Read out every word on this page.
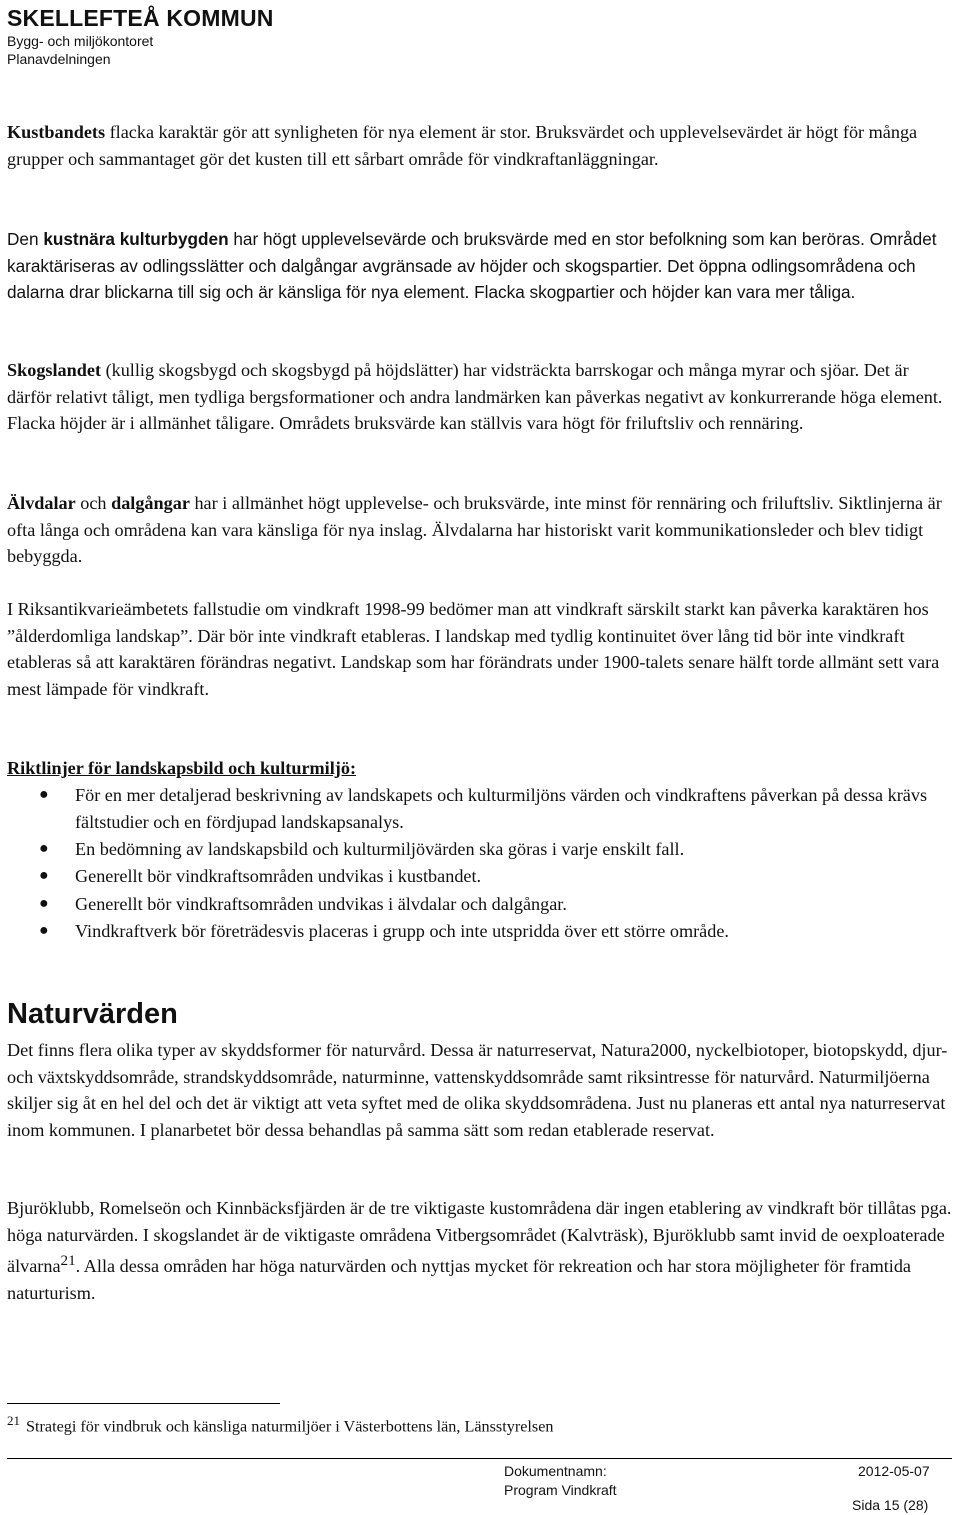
SKELLEFTEÅ KOMMUN
Bygg- och miljökontoret
Planavdelningen

Kustbandets flacka karaktär gör att synligheten för nya element är stor. Bruksvärdet och upplevelsevärdet är högt för många grupper och sammantaget gör det kusten till ett sårbart område för vindkraftanläggningar.

Den kustnära kulturbygden har högt upplevelsevärde och bruksvärde med en stor befolkning som kan beröras. Området karaktäriseras av odlingsslätter och dalgångar avgränsade av höjder och skogspartier. Det öppna odlingsområdena och dalarna drar blickarna till sig och är känsliga för nya element. Flacka skogpartier och höjder kan vara mer tåliga.

Skogslandet (kullig skogsbygd och skogsbygd på höjdslätter) har vidsträckta barrskogar och många myrar och sjöar. Det är därför relativt tåligt, men tydliga bergsformationer och andra landmärken kan påverkas negativt av konkurrerande höga element. Flacka höjder är i allmänhet tåligare. Områdets bruksvärde kan ställvis vara högt för friluftsliv och rennäring.

Älvdalar och dalgångar har i allmänhet högt upplevelse- och bruksvärde, inte minst för rennäring och friluftsliv. Siktlinjerna är ofta långa och områdena kan vara känsliga för nya inslag. Älvdalarna har historiskt varit kommunikationsleder och blev tidigt bebyggda.

I Riksantikvarieämbetets fallstudie om vindkraft 1998-99 bedömer man att vindkraft särskilt starkt kan påverka karaktären hos ”ålderdomliga landskap”. Där bör inte vindkraft etableras. I landskap med tydlig kontinuitet över lång tid bör inte vindkraft etableras så att karaktären förändras negativt. Landskap som har förändrats under 1900-talets senare hälft torde allmänt sett vara mest lämpade för vindkraft.

Riktlinjer för landskapsbild och kulturmiljö:

● För en mer detaljerad beskrivning av landskapets och kulturmiljöns värden och vindkraftens påverkan på dessa krävs fältstudier och en fördjupad landskapsanalys.
● En bedömning av landskapsbild och kulturmiljövärden ska göras i varje enskilt fall.
● Generellt bör vindkraftsområden undvikas i kustbandet.
● Generellt bör vindkraftsområden undvikas i älvdalar och dalgångar.
● Vindkraftverk bör företrädesvis placeras i grupp och inte utspridda över ett större område.
Naturvärden

Det finns flera olika typer av skyddsformer för naturvård. Dessa är naturreservat, Natura2000, nyckelbiotoper, biotopskydd, djur- och växtskyddsområde, strandskyddsområde, naturminne, vattenskyddsområde samt riksintresse för naturvård. Naturmiljöerna skiljer sig åt en hel del och det är viktigt att veta syftet med de olika skyddsområdena. Just nu planeras ett antal nya naturreservat inom kommunen. I planarbetet bör dessa behandlas på samma sätt som redan etablerade reservat.

Bjuröklubb, Romelseön och Kinnbäcksfjärden är de tre viktigaste kustområdena där ingen etablering av vindkraft bör tillåtas pga. höga naturvärden. I skogslandet är de viktigaste områdena Vitbergsområdet (Kalvträsk), Bjuröklubb samt invid de oexploaterade älvarna$^{21}$. Alla dessa områden har höga naturvärden och nyttjas mycket för rekreation och har stora möjligheter för framtida naturturism.

$^{21}$ Strategi för vindbruk och känsliga naturmiljöer i Västerbottens län, Länsstyrelsen
Dokumentnamn:
Program Vindkraft
2012-05-07
Sida 15 (28)
